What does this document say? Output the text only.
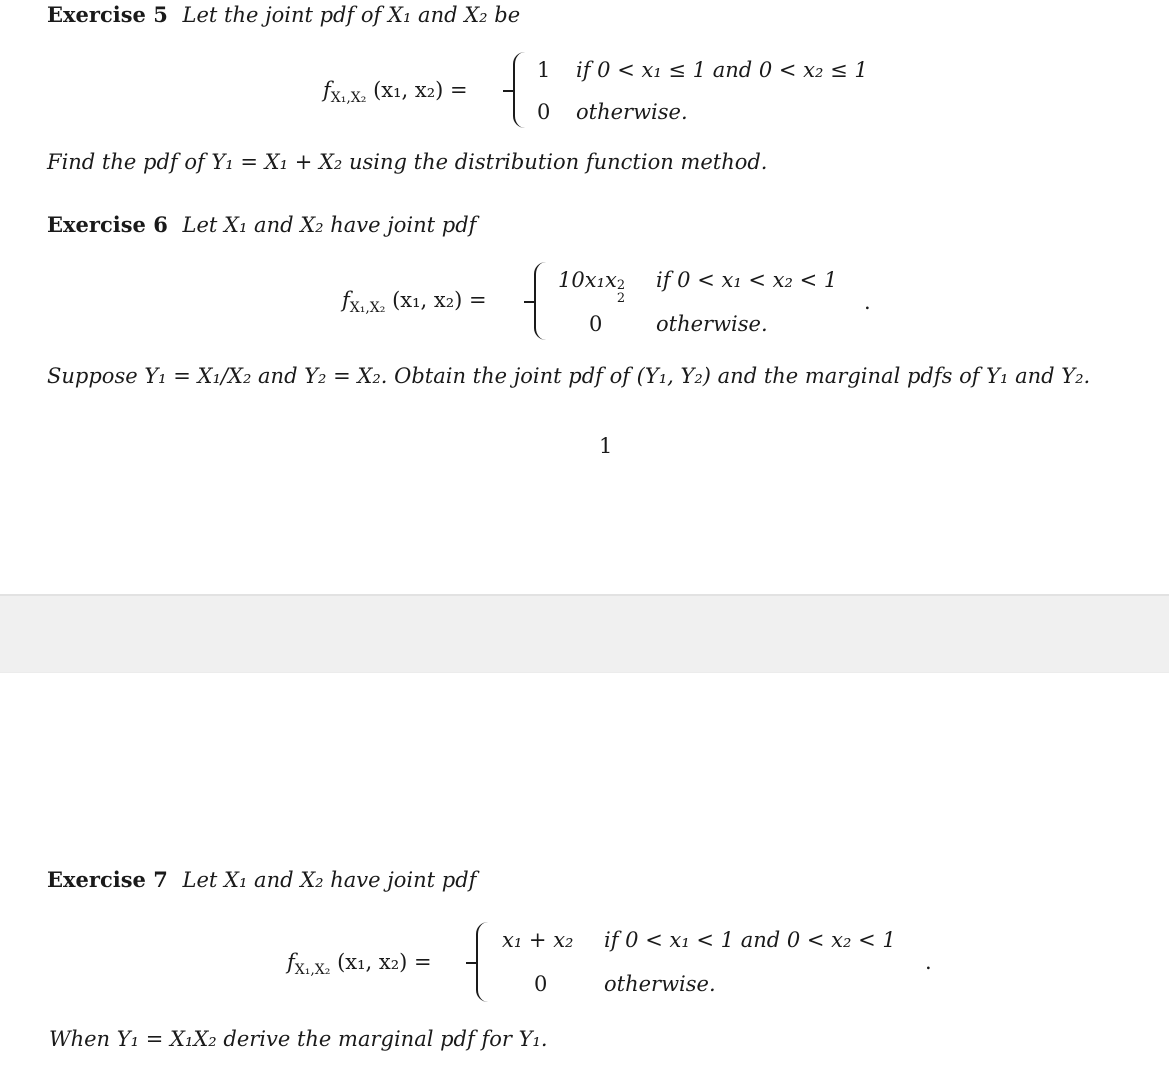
Exercise 5 Let the joint pdf of X₁ and X₂ be
$f_{X_1,X_2}$ (x₁, x₂) =
1 if 0 < x₁ ≤ 1 and 0 < x₂ ≤ 1
0 otherwise.
Find the pdf of Y₁ = X₁ + X₂ using the distribution function method.
Exercise 6 Let X₁ and X₂ have joint pdf
$f_{X_1,X_2}$ (x₁, x₂) =
10x₁x 2
2
if 0 < x₁ < x₂ < 1
0	otherwise.
.
Suppose Y₁ = X₁/X₂ and Y₂ = X₂. Obtain the joint pdf of (Y₁, Y₂) and the marginal pdfs of Y₁ and Y₂.
1
Exercise 7 Let X₁ and X₂ have joint pdf
$f_{X_1,X_2}$ (x₁, x₂) =
x₁ + x₂ if 0 < x₁ < 1 and 0 < x₂ < 1
0	otherwise.
.
When Y₁ = X₁X₂ derive the marginal pdf for Y₁.
